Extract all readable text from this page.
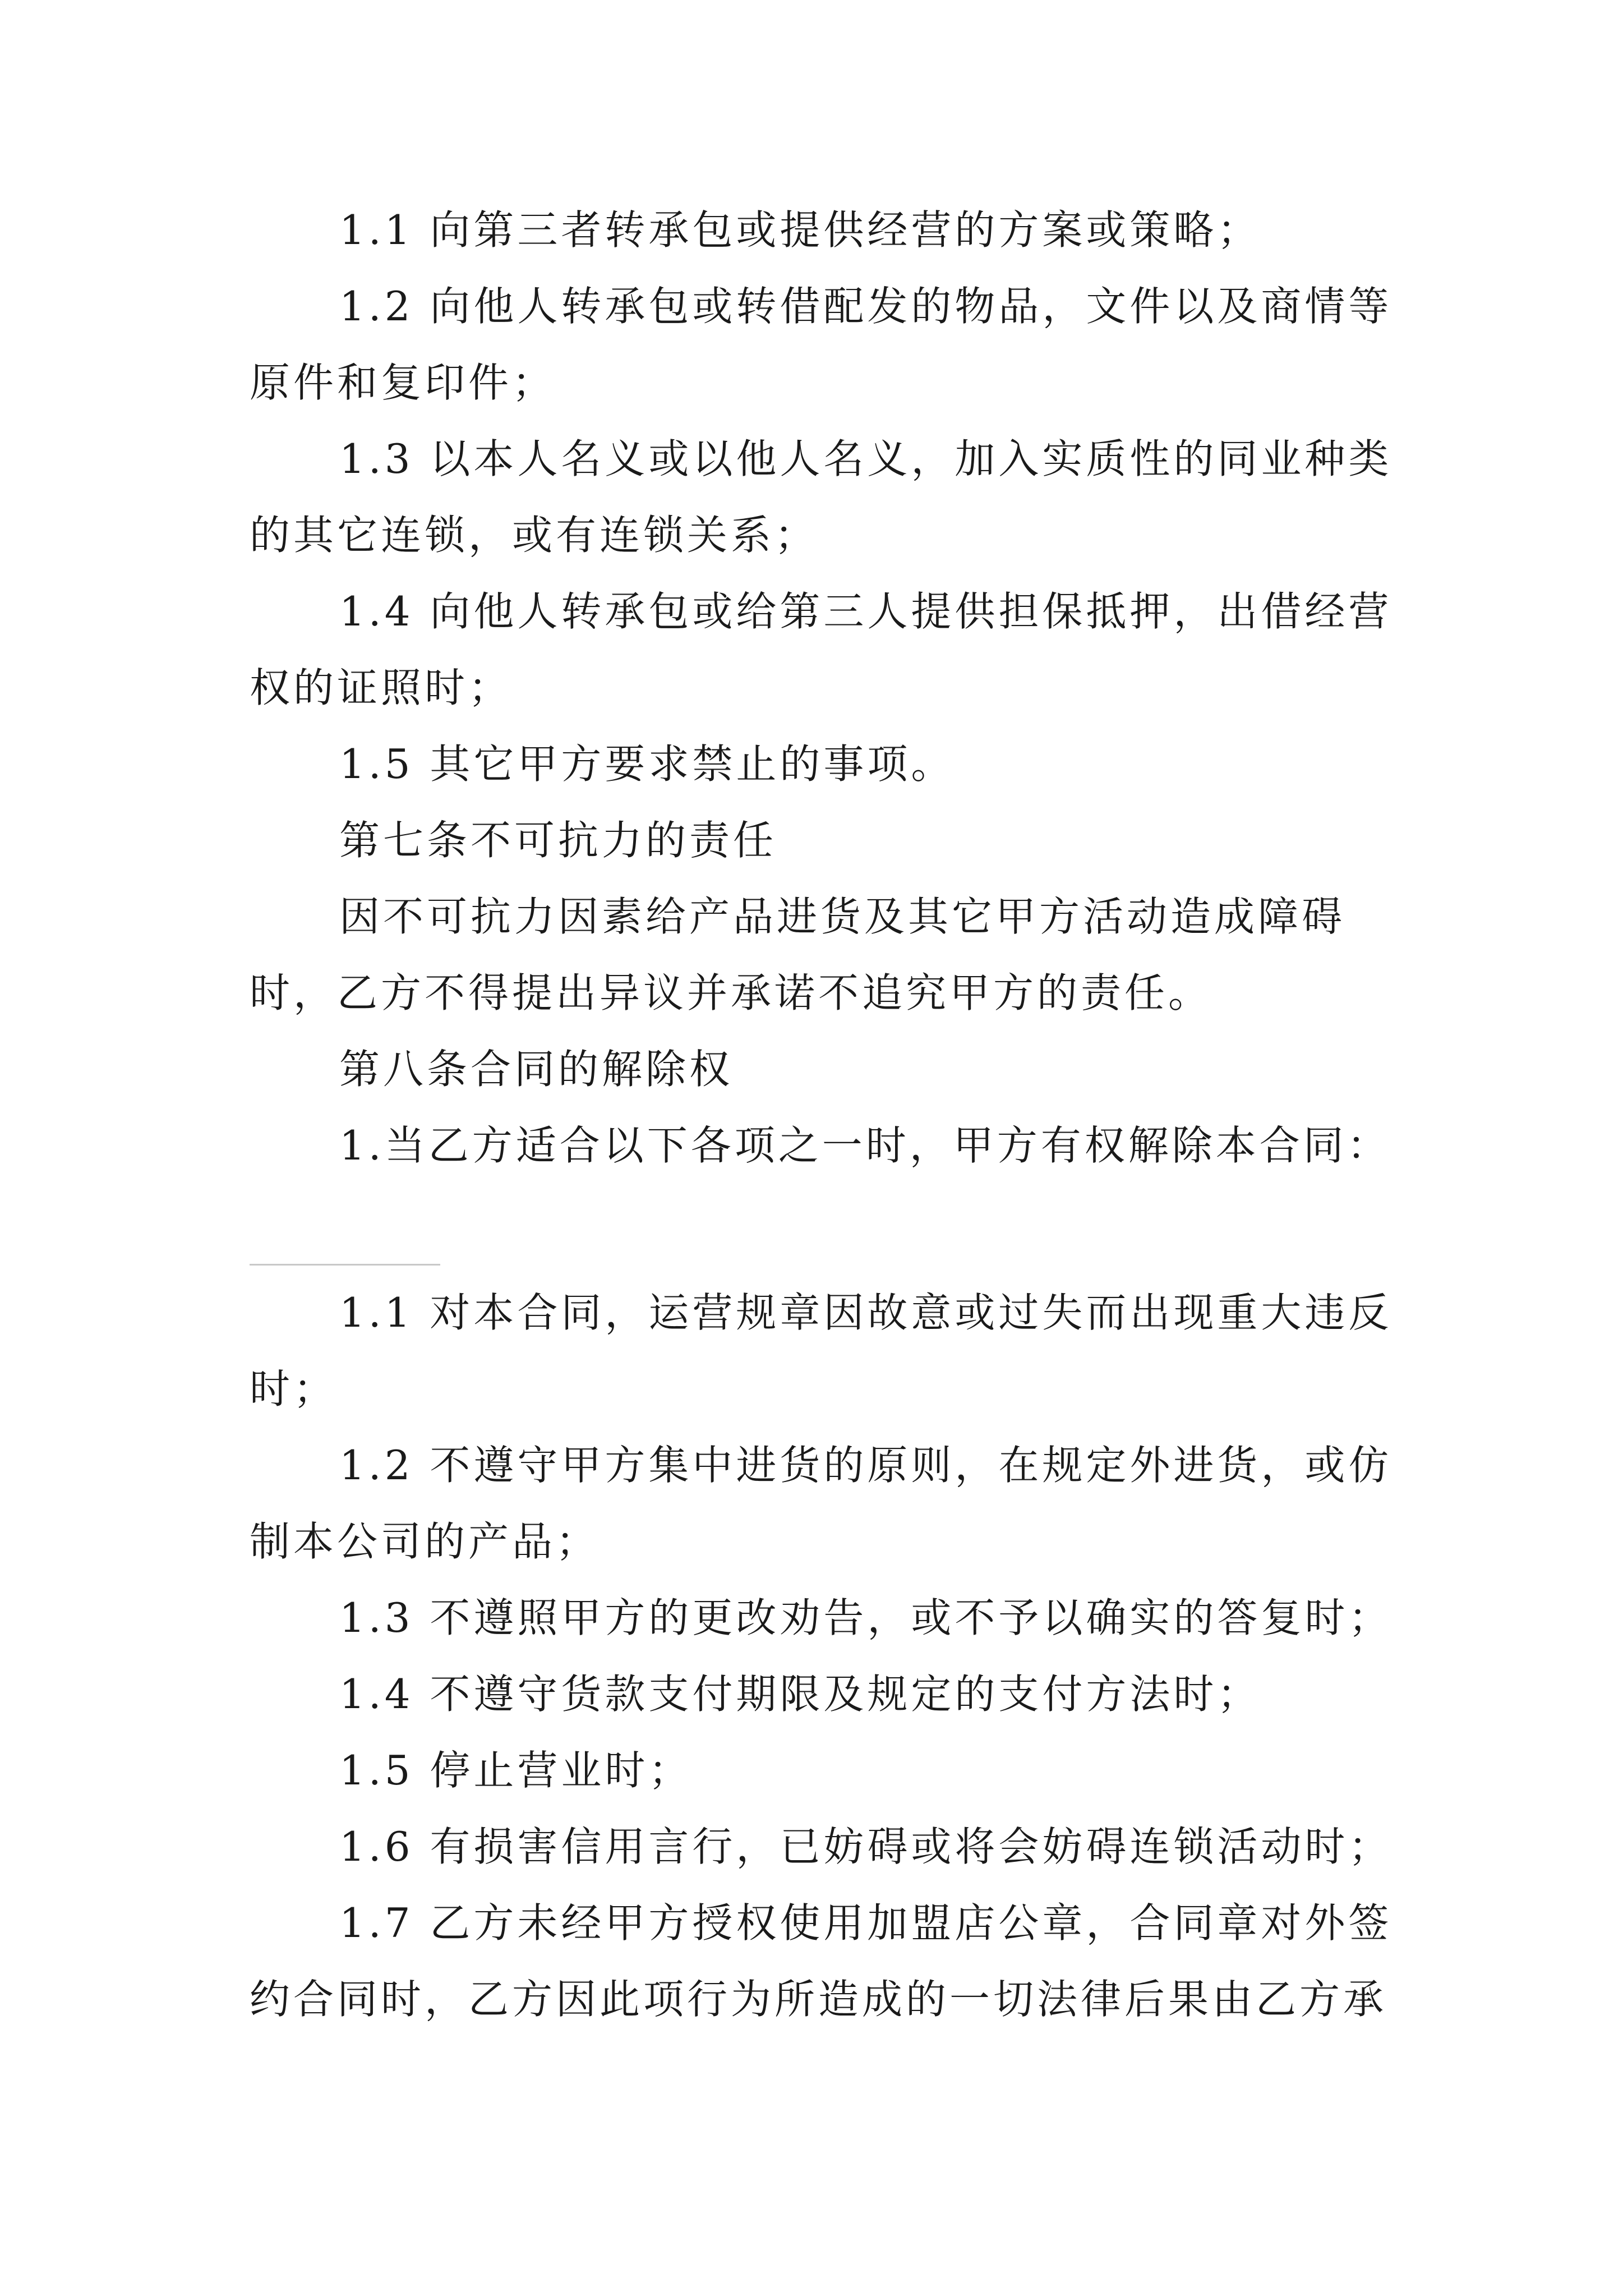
1.1 向第三者转承包或提供经营的方案或策略；

1.2 向他人转承包或转借配发的物品，文件以及商情等原件和复印件；

1.3 以本人名义或以他人名义，加入实质性的同业种类的其它连锁，或有连锁关系；

1.4 向他人转承包或给第三人提供担保抵押，出借经营权的证照时；

1.5 其它甲方要求禁止的事项。

第七条不可抗力的责任

因不可抗力因素给产品进货及其它甲方活动造成障碍时，乙方不得提出异议并承诺不追究甲方的责任。

第八条合同的解除权

1.当乙方适合以下各项之一时，甲方有权解除本合同：

1.1 对本合同，运营规章因故意或过失而出现重大违反时；

1.2 不遵守甲方集中进货的原则，在规定外进货，或仿制本公司的产品；

1.3 不遵照甲方的更改劝告，或不予以确实的答复时；

1.4 不遵守货款支付期限及规定的支付方法时；

1.5 停止营业时；

1.6 有损害信用言行，已妨碍或将会妨碍连锁活动时；

1.7 乙方未经甲方授权使用加盟店公章，合同章对外签约合同时，乙方因此项行为所造成的一切法律后果由乙方承
